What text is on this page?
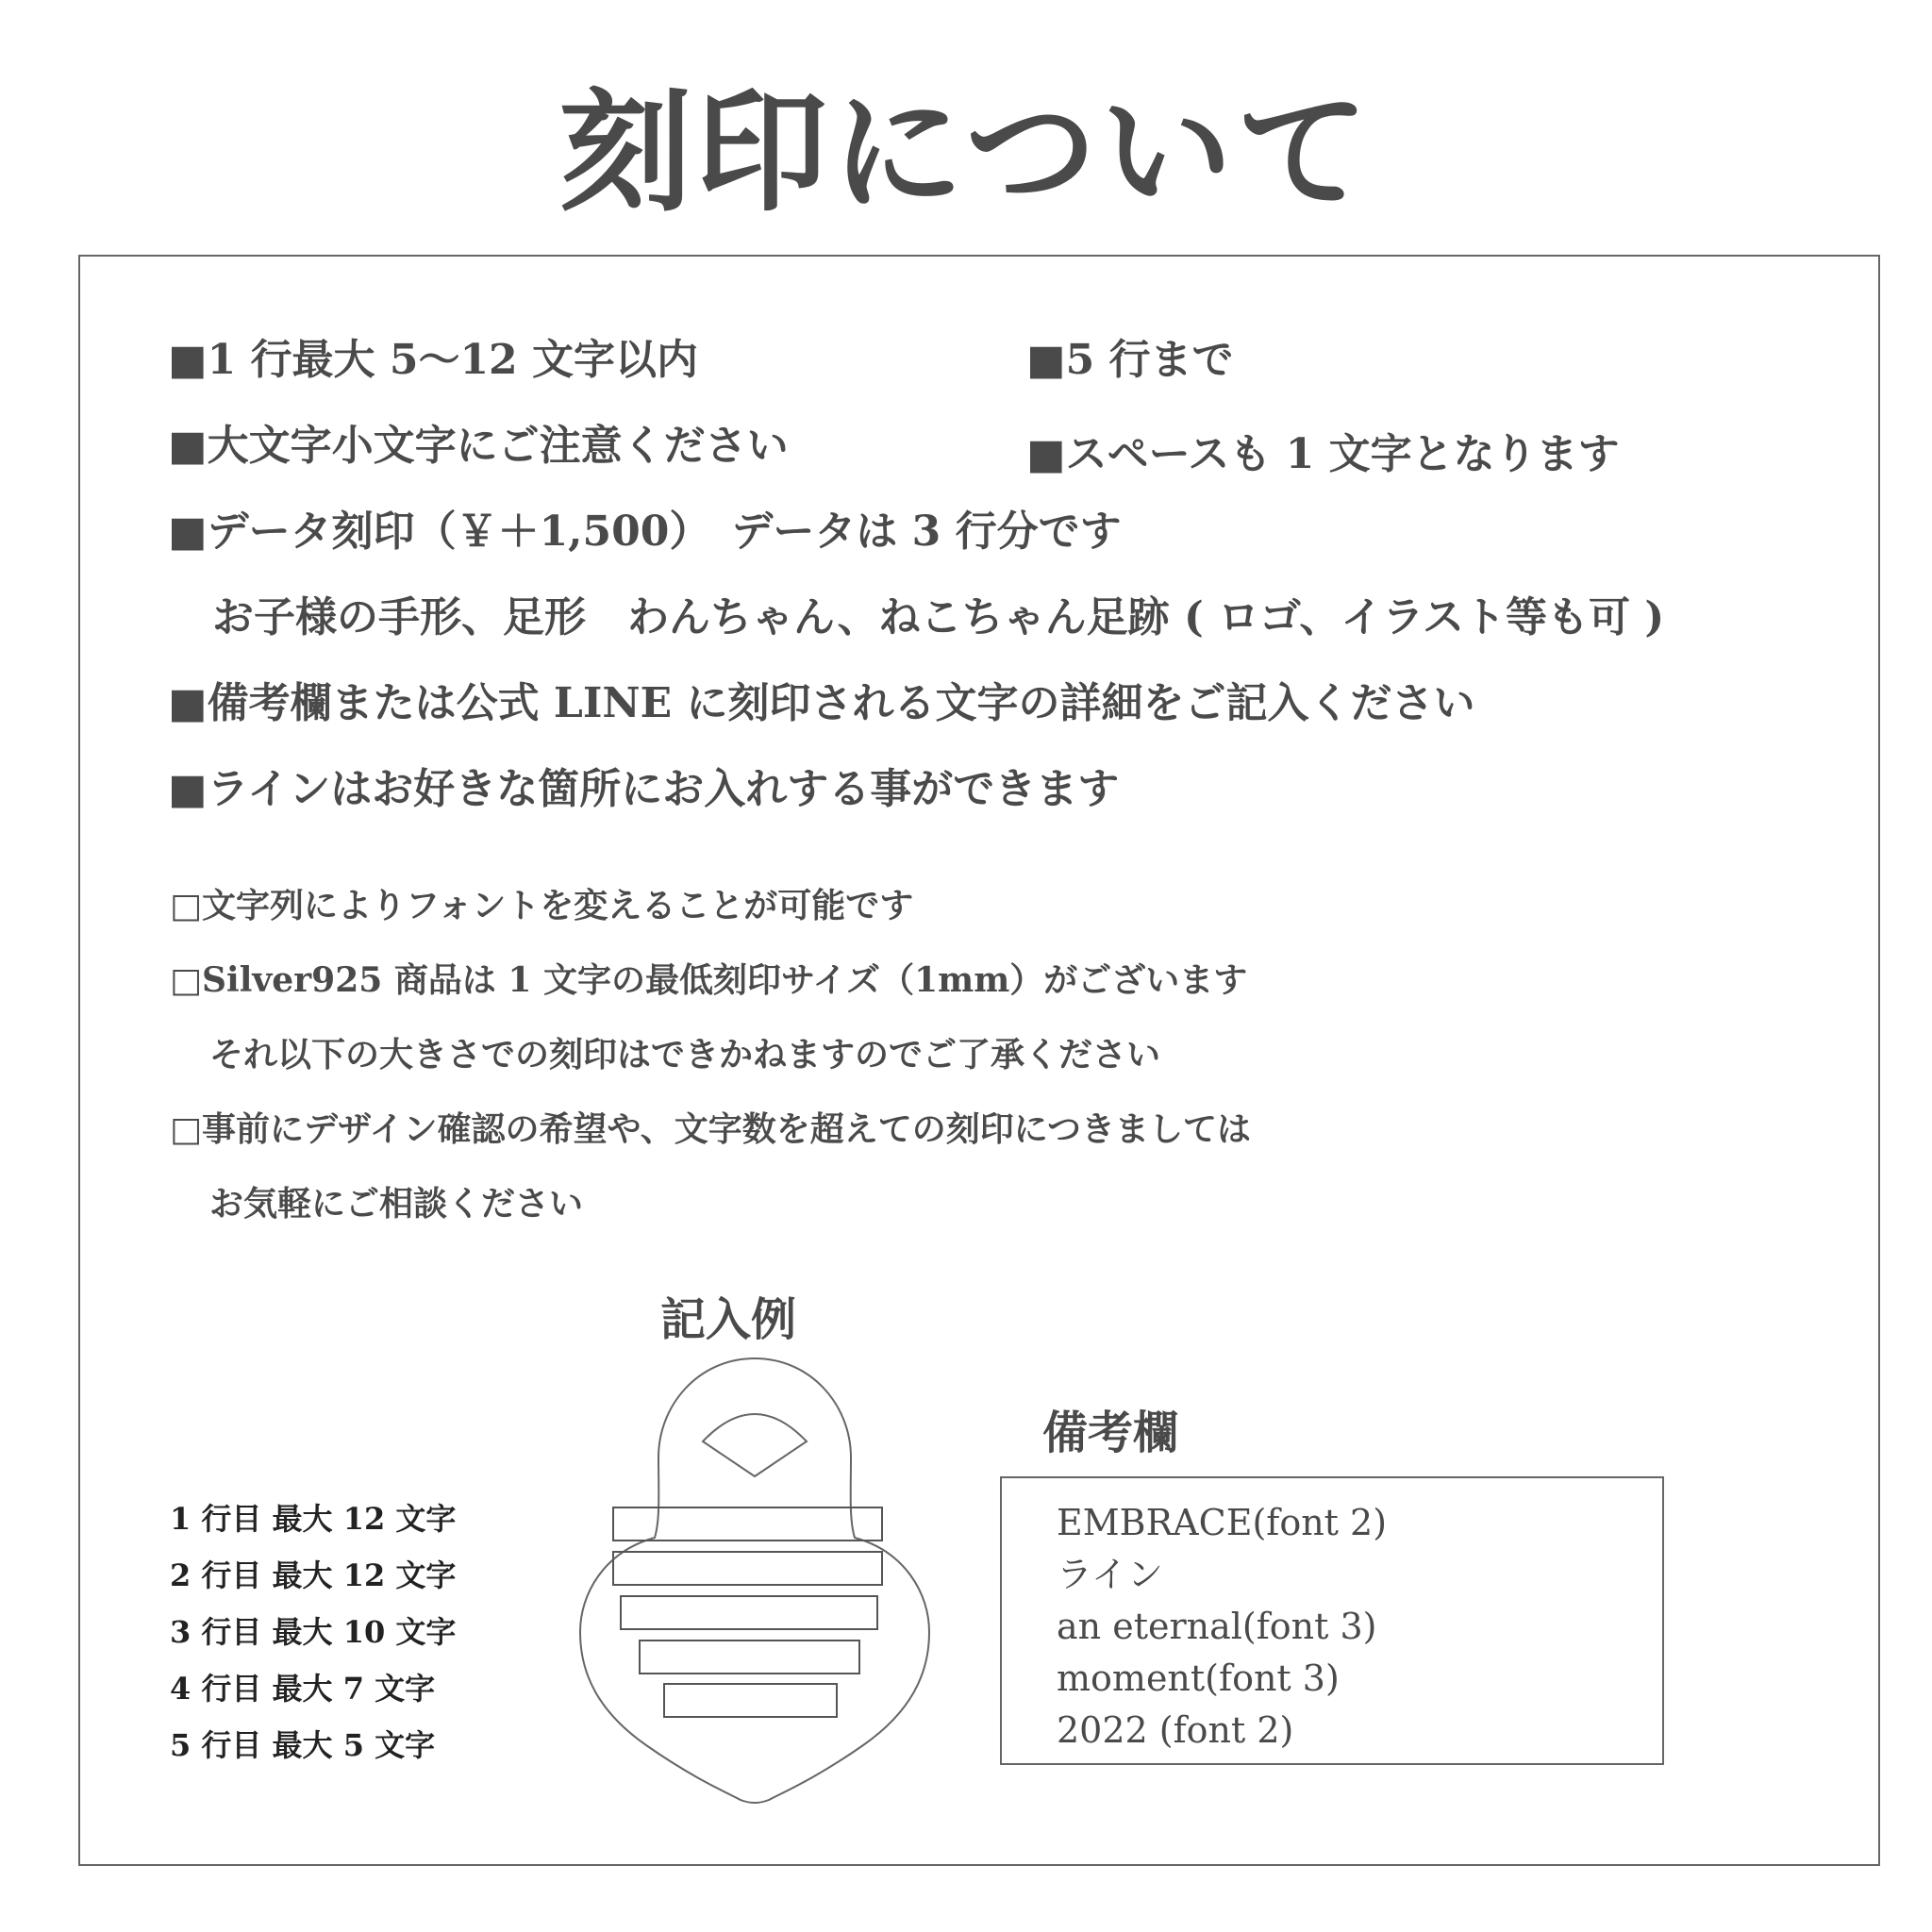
刻印について
■1 行最大 5〜12 文字以内	■5 行まで
■大文字小文字にご注意ください	■スペースも 1 文字となります
■データ刻印（￥＋1,500）　データは 3 行分です
お子様の手形、足形　わんちゃん、ねこちゃん足跡 ( ロゴ、イラスト等も可 )
■備考欄または公式 LINE に刻印される文字の詳細をご記入ください
■ラインはお好きな箇所にお入れする事ができます
□文字列によりフォントを変えることが可能です
□Silver925 商品は 1 文字の最低刻印サイズ（1mm）がございます
それ以下の大きさでの刻印はできかねますのでご了承ください
□事前にデザイン確認の希望や、文字数を超えての刻印につきましては
お気軽にご相談ください
記入例
1 行目 最大 12 文字
2 行目 最大 12 文字
3 行目 最大 10 文字
4 行目 最大 7 文字
5 行目 最大 5 文字
備考欄
EMBRACE(font 2)
ライン
an eternal(font 3)
moment(font 3)
2022 (font 2)
